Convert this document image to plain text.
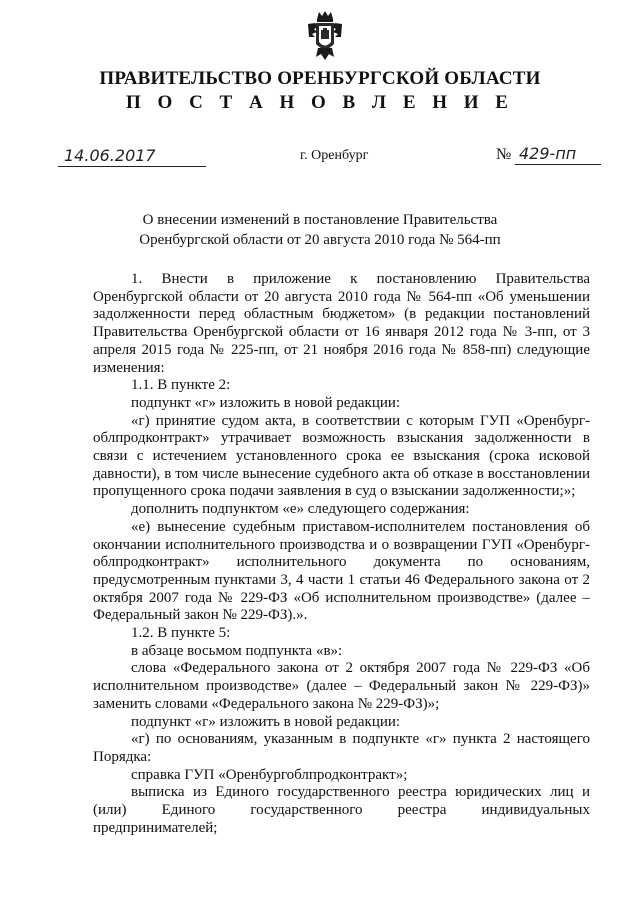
ПРАВИТЕЛЬСТВО ОРЕНБУРГСКОЙ ОБЛАСТИ
П О С Т А Н О В Л Е Н И Е
14.06.2017	г. Оренбург	№ 429-пп
О внесении изменений в постановление Правительства
Оренбургской области от 20 августа 2010 года № 564-пп

1. Внести в приложение к постановлению Правительства Оренбургской области от 20 августа 2010 года № 564-пп «Об уменьшении задолженности перед областным бюджетом» (в редакции постановлений Правительства Оренбургской области от 16 января 2012 года № 3-пп, от 3 апреля 2015 года № 225-пп, от 21 ноября 2016 года № 858-пп) следующие изменения:

1.1. В пункте 2:

подпункт «г» изложить в новой редакции:

«г) принятие судом акта, в соответствии с которым ГУП «Оренбург-облпродконтракт» утрачивает возможность взыскания задолженности в связи с истечением установленного срока ее взыскания (срока исковой давности), в том числе вынесение судебного акта об отказе в восстановлении пропущенного срока подачи заявления в суд о взыскании задолженности;»;

дополнить подпунктом «е» следующего содержания:

«е) вынесение судебным приставом-исполнителем постановления об окончании исполнительного производства и о возвращении ГУП «Оренбург-облпродконтракт» исполнительного документа по основаниям, предусмотренным пунктами 3, 4 части 1 статьи 46 Федерального закона от 2 октября 2007 года № 229-ФЗ «Об исполнительном производстве» (далее – Федеральный закон № 229-ФЗ).».

1.2. В пункте 5:

в абзаце восьмом подпункта «в»:

слова «Федерального закона от 2 октября 2007 года № 229-ФЗ «Об исполнительном производстве» (далее – Федеральный закон № 229-ФЗ)» заменить словами «Федерального закона № 229-ФЗ)»;

подпункт «г» изложить в новой редакции:

«г) по основаниям, указанным в подпункте «г» пункта 2 настоящего Порядка:

справка ГУП «Оренбургоблпродконтракт»;

выписка из Единого государственного реестра юридических лиц и (или) Единого государственного реестра индивидуальных предпринимателей;
